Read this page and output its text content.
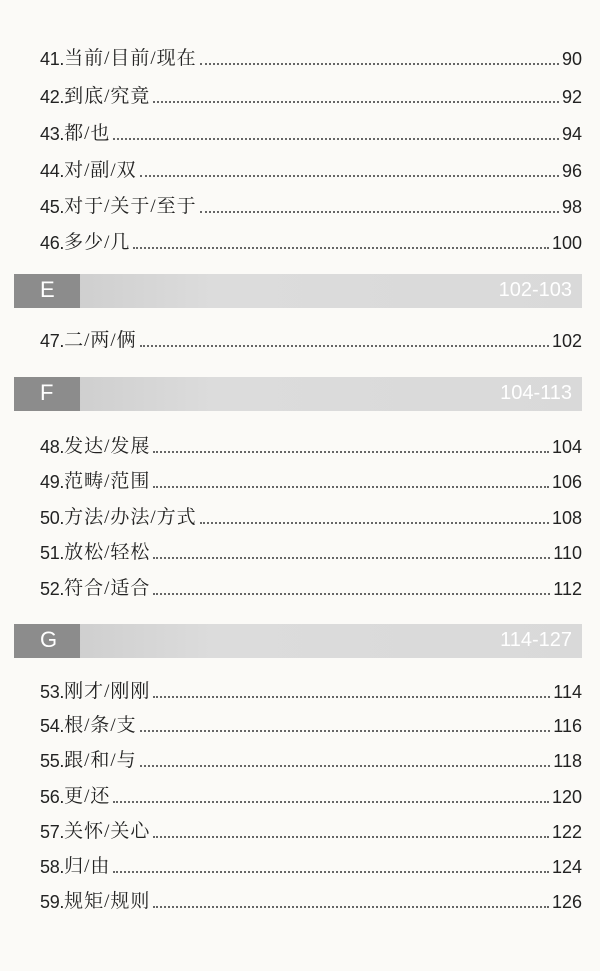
41. 当前/目前/现在	90
42. 到底/究竟	92
43. 都/也	94
44. 对/副/双	96
45. 对于/关于/至于	98
46. 多少/几	100
E	102-103
47. 二/两/俩	102
F	104-113
48. 发达/发展	104
49. 范畴/范围	106
50. 方法/办法/方式	108
51. 放松/轻松	110
52. 符合/适合	112
G	114-127
53. 刚才/刚刚	114
54. 根/条/支	116
55. 跟/和/与	118
56. 更/还	120
57. 关怀/关心	122
58. 归/由	124
59. 规矩/规则	126
